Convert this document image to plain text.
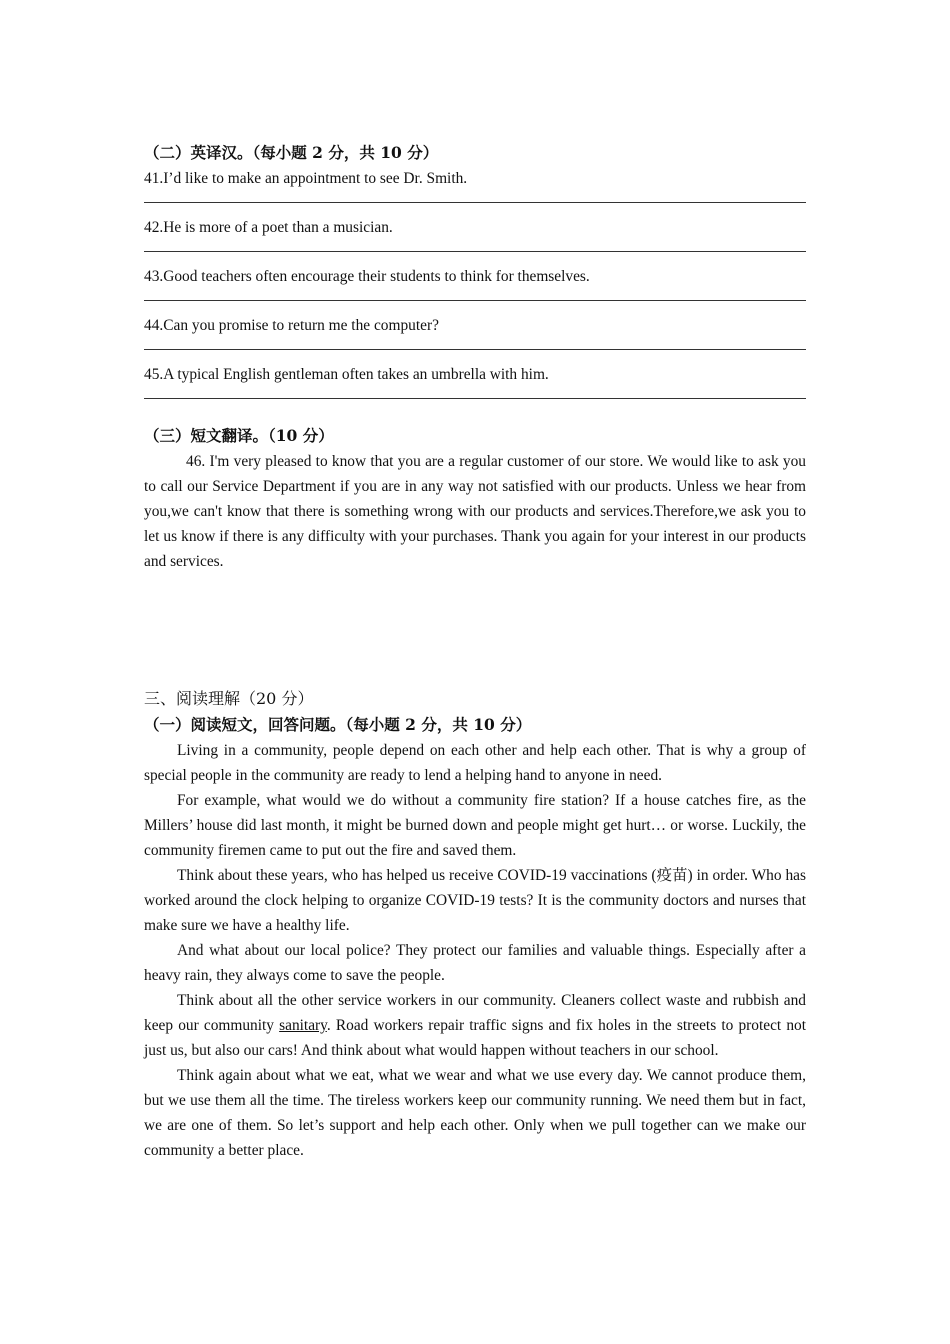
（二）英译汉。（每小题 2 分，共 10 分）

41.I’d like to make an appointment to see Dr. Smith.

42.He is more of a poet than a musician.

43.Good teachers often encourage their students to think for themselves.

44.Can you promise to return me the computer?

45.A typical English gentleman often takes an umbrella with him.

（三）短文翻译。（10 分）

46. I'm very pleased to know that you are a regular customer of our store. We would like to ask you to call our Service Department if you are in any way not satisfied with our products. Unless we hear from you,we can't know that there is something wrong with our products and services.Therefore,we ask you to let us know if there is any difficulty with your purchases. Thank you again for your interest in our products and services.

三、阅读理解（20 分）
（一）阅读短文，回答问题。（每小题 2 分，共 10 分）

Living in a community, people depend on each other and help each other. That is why a group of special people in the community are ready to lend a helping hand to anyone in need.

For example, what would we do without a community fire station? If a house catches fire, as the Millers’ house did last month, it might be burned down and people might get hurt… or worse. Luckily, the community firemen came to put out the fire and saved them.

Think about these years, who has helped us receive COVID-19 vaccinations (疫苗) in order. Who has worked around the clock helping to organize COVID-19 tests? It is the community doctors and nurses that make sure we have a healthy life.

And what about our local police? They protect our families and valuable things. Especially after a heavy rain, they always come to save the people.

Think about all the other service workers in our community. Cleaners collect waste and rubbish and keep our community sanitary. Road workers repair traffic signs and fix holes in the streets to protect not just us, but also our cars! And think about what would happen without teachers in our school.

Think again about what we eat, what we wear and what we use every day. We cannot produce them, but we use them all the time. The tireless workers keep our community running. We need them but in fact, we are one of them. So let’s support and help each other. Only when we pull together can we make our community a better place.
